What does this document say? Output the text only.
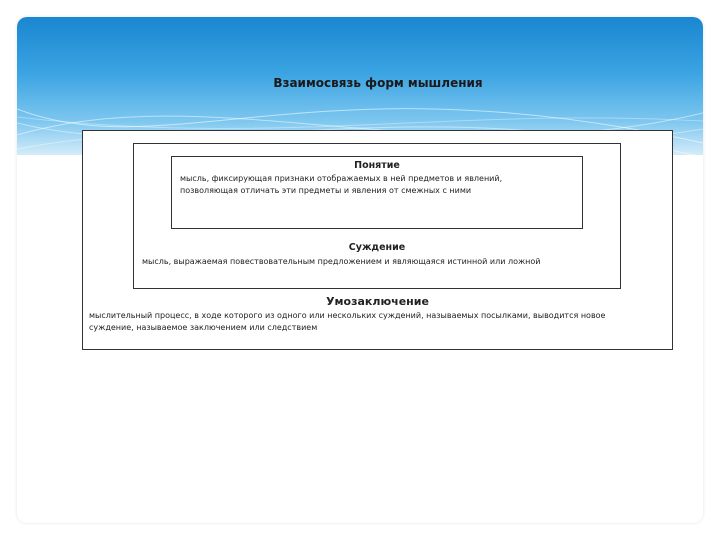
Взаимосвязь форм мышления
Понятие
мысль, фиксирующая признаки отображаемых в ней предметов и явлений,
позволяющая отличать эти предметы и явления от смежных с ними
Суждение
мысль, выражаемая повествовательным предложением и являющаяся истинной или ложной
Умозаключение
мыслительный процесс, в ходе которого из одного или нескольких суждений, называемых посылками, выводится новое
суждение, называемое заключением или следствием
